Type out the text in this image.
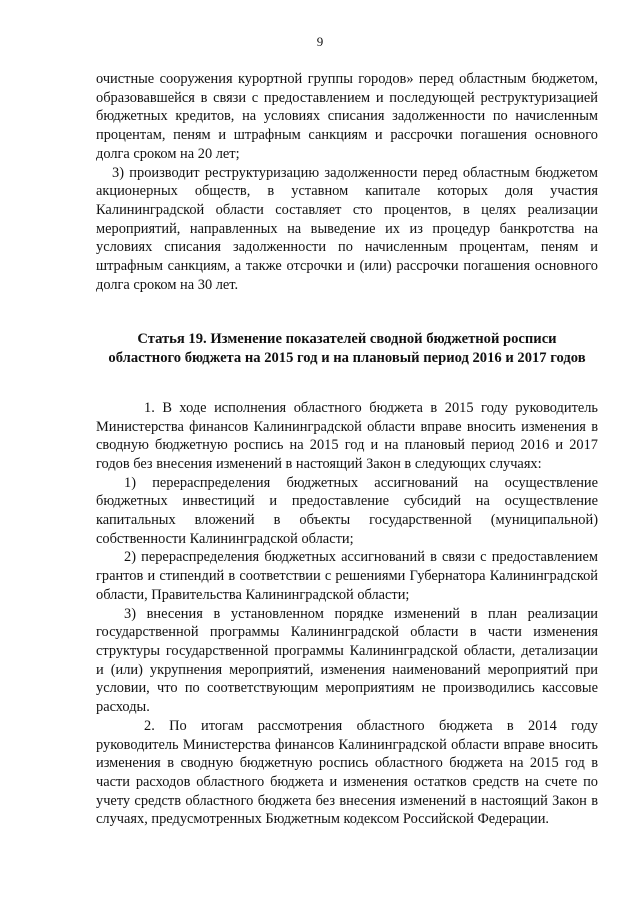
9

очистные сооружения курортной группы городов» перед областным бюджетом, образовавшейся в связи с предоставлением и последующей реструктуризацией бюджетных кредитов, на условиях списания задолженности по начисленным процентам, пеням и штрафным санкциям и рассрочки погашения основного долга сроком на 20 лет;

3) производит реструктуризацию задолженности перед областным бюджетом акционерных обществ, в уставном капитале которых доля участия Калининградской области составляет сто процентов, в целях реализации мероприятий, направленных на выведение их из процедур банкротства на условиях списания задолженности по начисленным процентам, пеням и штрафным санкциям, а также отсрочки и (или) рассрочки погашения основного долга сроком на 30 лет.

Статья 19. Изменение показателей сводной бюджетной росписи
областного бюджета на 2015 год и на плановый период 2016 и 2017 годов

1. В ходе исполнения областного бюджета в 2015 году руководитель Министерства финансов Калининградской области вправе вносить изменения в сводную бюджетную роспись на 2015 год и на плановый период 2016 и 2017 годов без внесения изменений в настоящий Закон в следующих случаях:

1) перераспределения бюджетных ассигнований на осуществление бюджетных инвестиций и предоставление субсидий на осуществление капитальных вложений в объекты государственной (муниципальной) собственности Калининградской области;

2) перераспределения бюджетных ассигнований в связи с предоставлением грантов и стипендий в соответствии с решениями Губернатора Калининградской области, Правительства Калининградской области;

3) внесения в установленном порядке изменений в план реализации государственной программы Калининградской области в части изменения структуры государственной программы Калининградской области, детализации и (или) укрупнения мероприятий, изменения наименований мероприятий при условии, что по соответствующим мероприятиям не производились кассовые расходы.

2. По итогам рассмотрения областного бюджета в 2014 году руководитель Министерства финансов Калининградской области вправе вносить изменения в сводную бюджетную роспись областного бюджета на 2015 год в части расходов областного бюджета и изменения остатков средств на счете по учету средств областного бюджета без внесения изменений в настоящий Закон в случаях, предусмотренных Бюджетным кодексом Российской Федерации.
